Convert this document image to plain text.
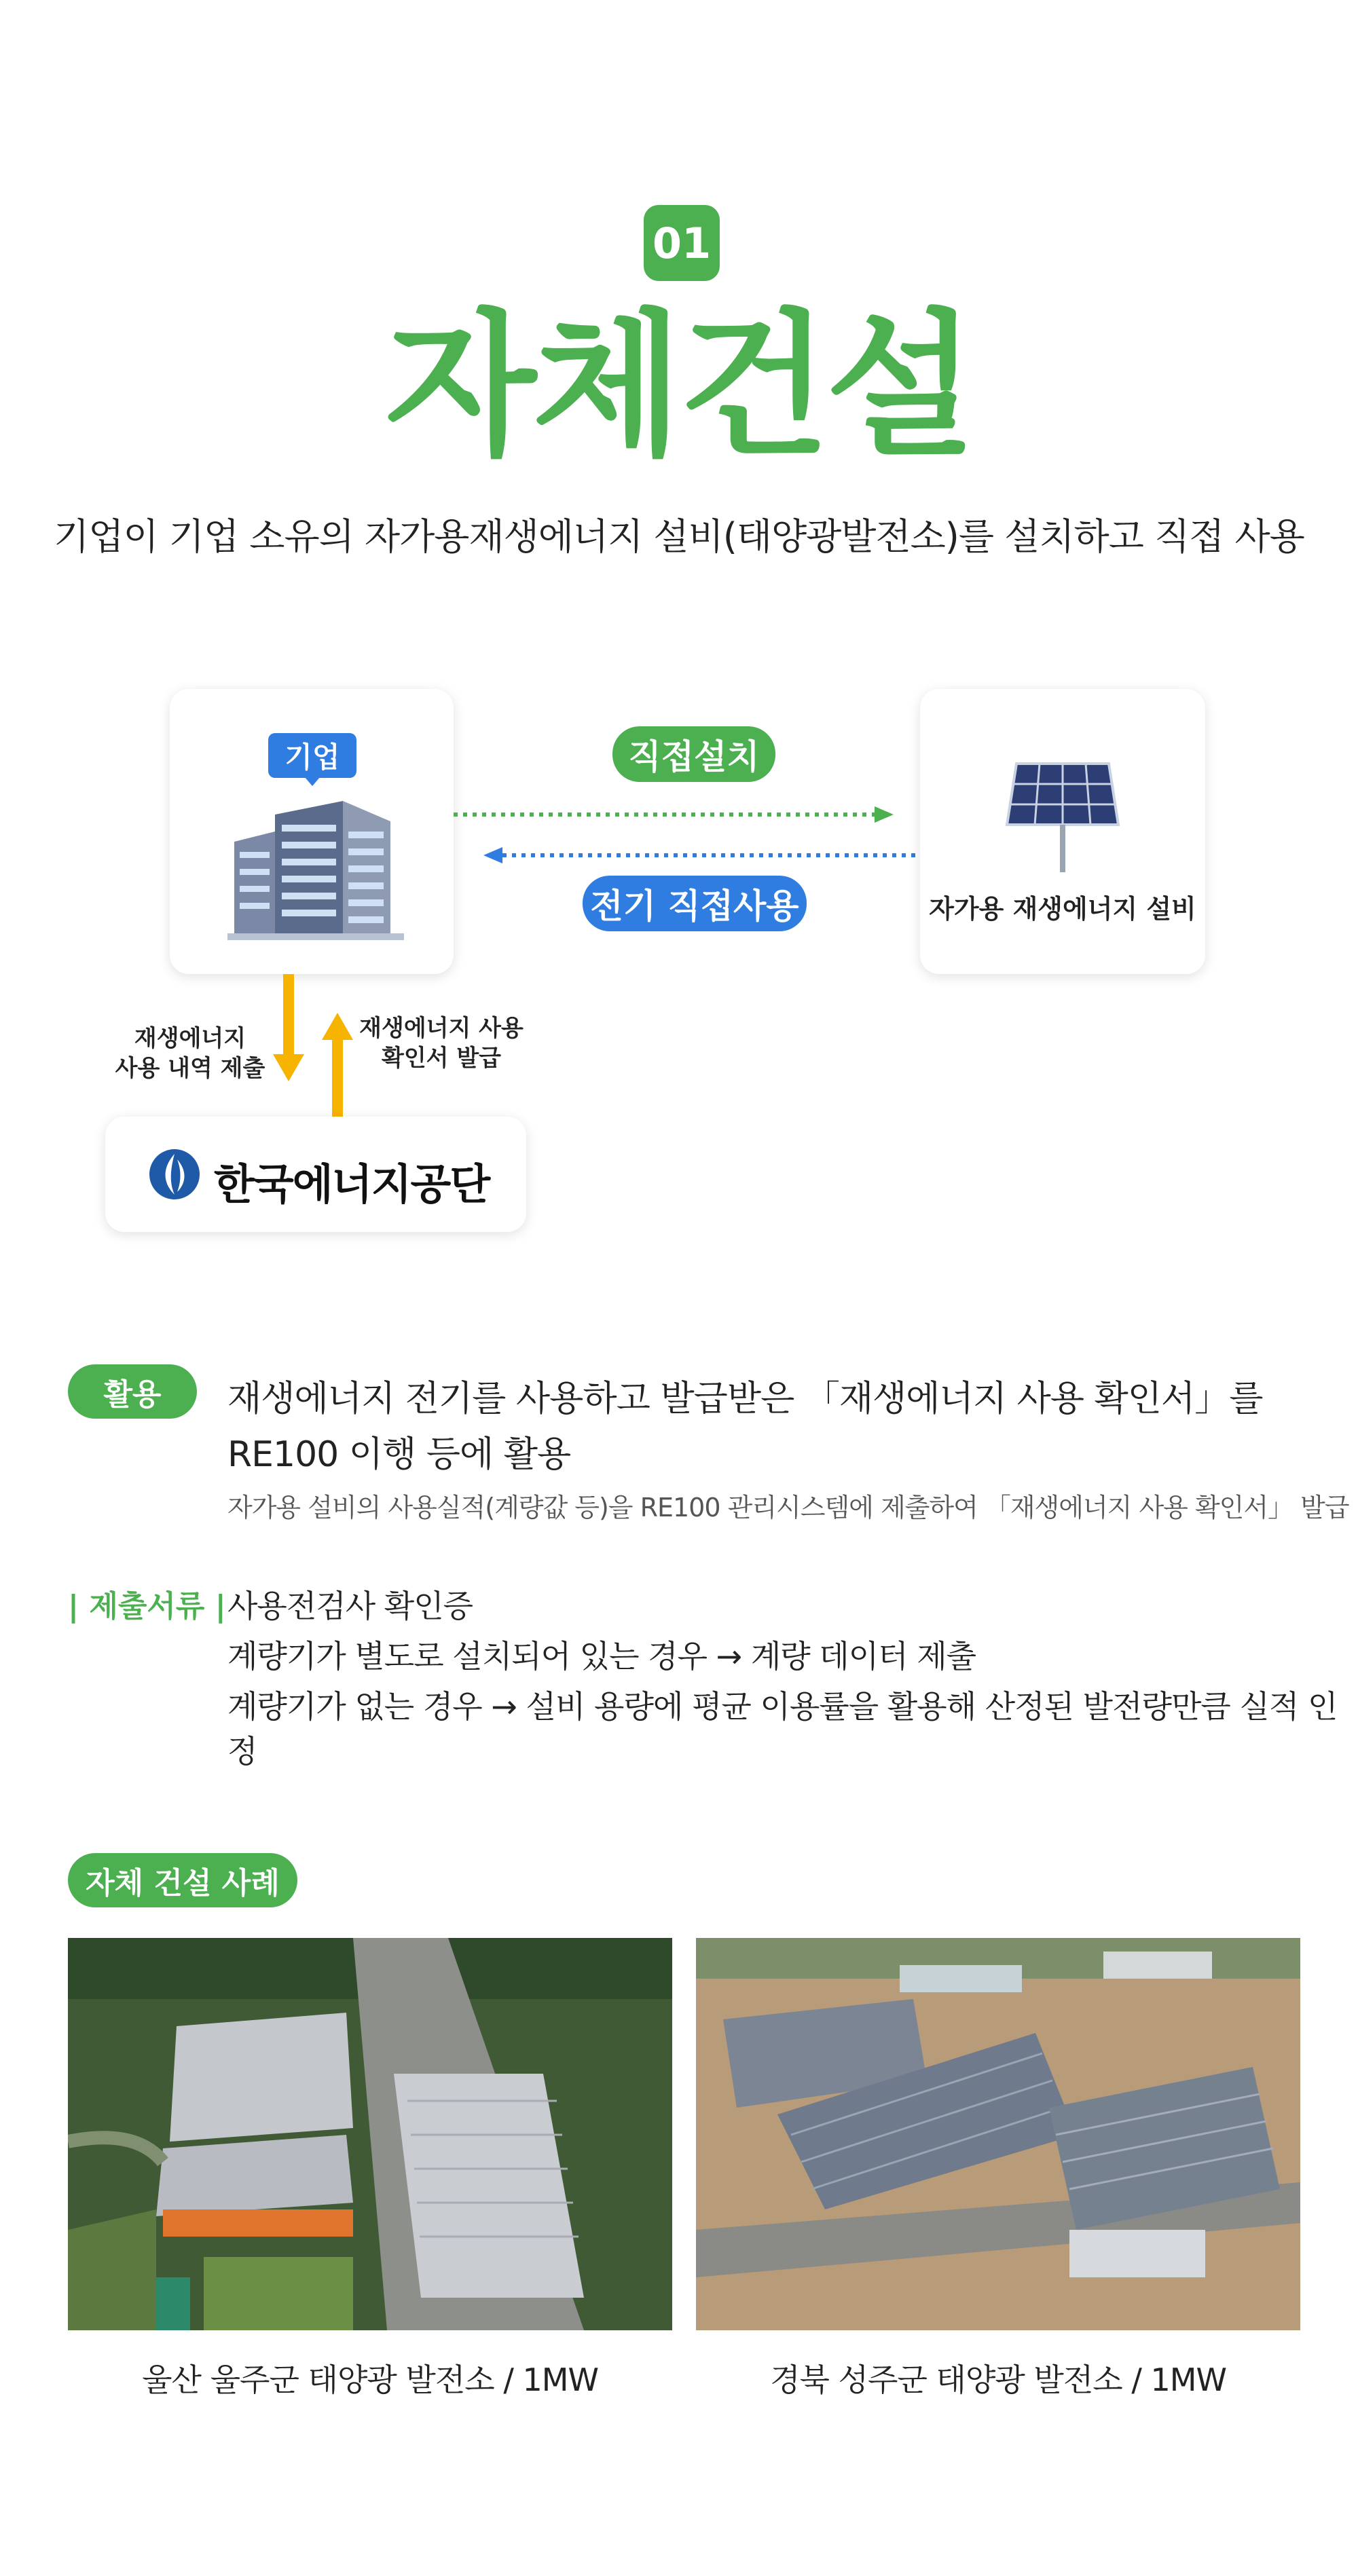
01
자체건설
기업이 기업 소유의 자가용재생에너지 설비(태양광발전소)를 설치하고 직접 사용
기업	직접설치
전기 직접사용	자가용 재생에너지 설비
재생에너지
사용 내역 제출
재생에너지 사용
확인서 발급
한국에너지공단
활용	재생에너지 전기를 사용하고 발급받은 「재생에너지 사용 확인서」를
RE100 이행 등에 활용
자가용 설비의 사용실적(계량값 등)을 RE100 관리시스템에 제출하여 「재생에너지 사용 확인서」 발급
| 제출서류 | 사용전검사 확인증
계량기가 별도로 설치되어 있는 경우 → 계량 데이터 제출
계량기가 없는 경우 → 설비 용량에 평균 이용률을 활용해 산정된 발전량만큼 실적 인정
자체 건설 사례
울산 울주군 태양광 발전소 / 1MW	경북 성주군 태양광 발전소 / 1MW
